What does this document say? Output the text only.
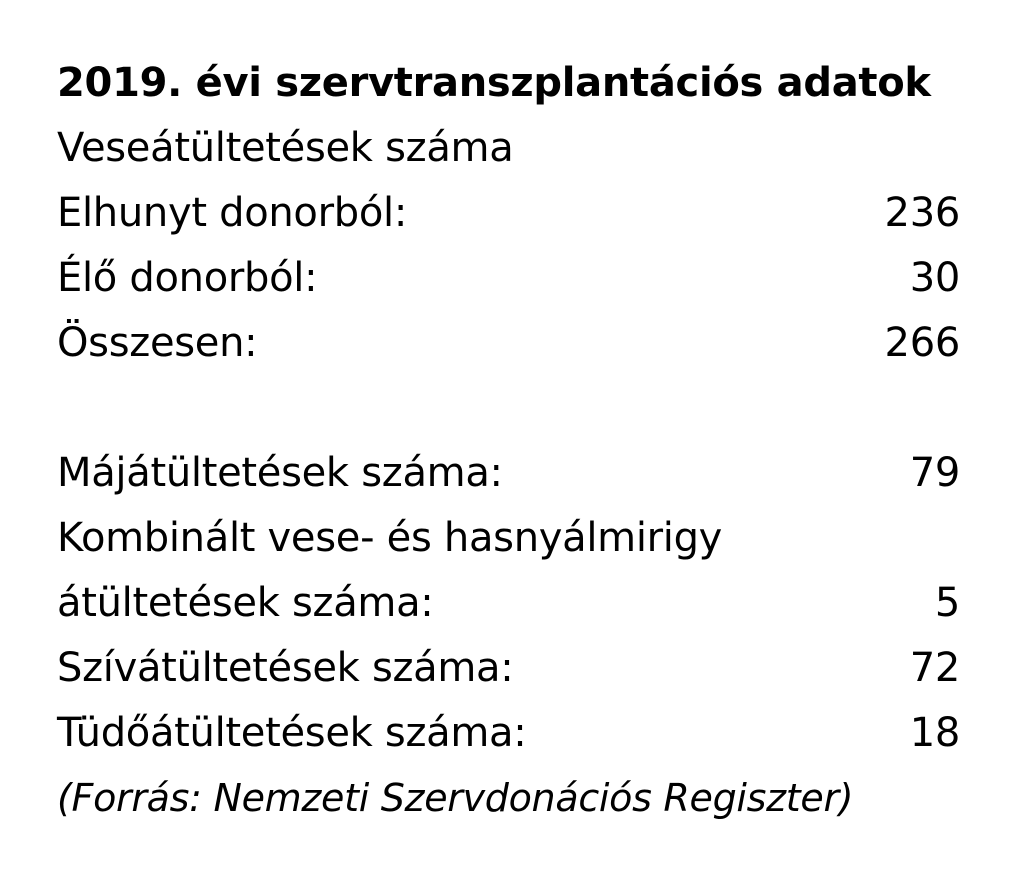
2019. évi szervtranszplantációs adatok
Veseátültetések száma
Elhunyt donorból:	236
Élő donorból:	30
Összesen:	266
Májátültetések száma:	79
Kombinált vese- és hasnyálmirigy
átültetések száma:	5
Szívátültetések száma:	72
Tüdőátültetések száma:	18
(Forrás: Nemzeti Szervdonációs Regiszter)
